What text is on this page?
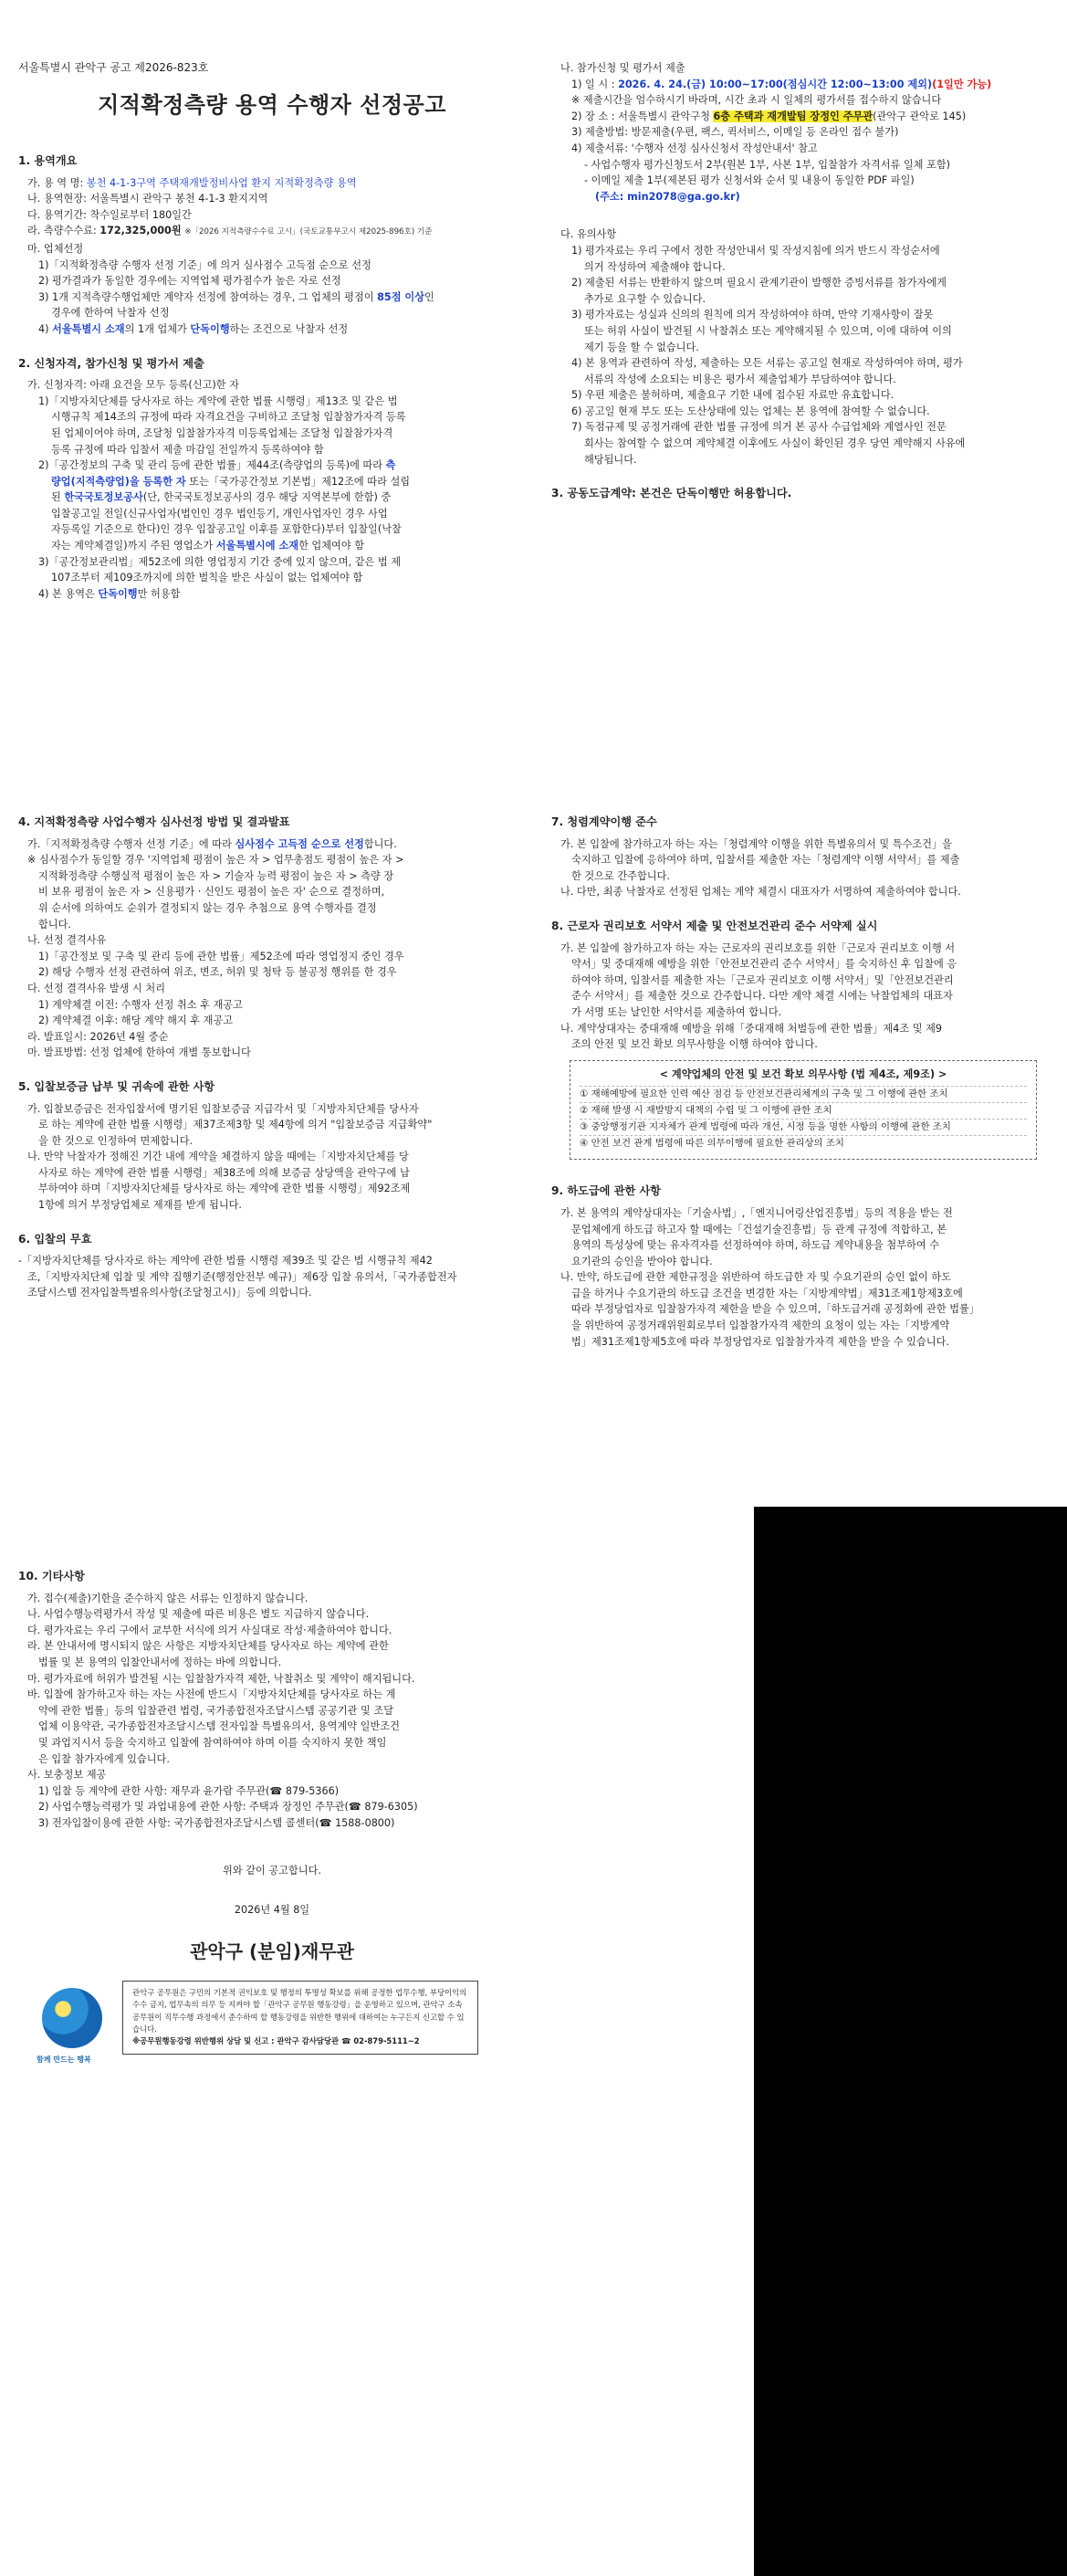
서울특별시 관악구 공고 제2026-823호
지적확정측량 용역 수행자 선정공고
1. 용역개요
가. 용 역 명: 봉천 4-1-3구역 주택재개발정비사업 환지 지적확정측량 용역
나. 용역현장: 서울특별시 관악구 봉천 4-1-3 환지지역
다. 용역기간: 착수일로부터 180일간
라. 측량수수료: 172,325,000원 ※「2026 지적측량수수료 고시」(국토교통부고시 제2025-896호) 기준
마. 업체선정
1)「지적확정측량 수행자 선정 기준」에 의거 심사점수 고득점 순으로 선정
2) 평가결과가 동일한 경우에는 지역업체 평가점수가 높은 자로 선정
3) 1개 지적측량수행업체만 계약자 선정에 참여하는 경우, 그 업체의 평점이 85점 이상인
경우에 한하여 낙찰자 선정
4) 서울특별시 소재의 1개 업체가 단독이행하는 조건으로 낙찰자 선정
2. 신청자격, 참가신청 및 평가서 제출
가. 신청자격: 아래 요건을 모두 등록(신고)한 자
1)「지방자치단체를 당사자로 하는 계약에 관한 법률 시행령」제13조 및 같은 법
시행규칙 제14조의 규정에 따라 자격요건을 구비하고 조달청 입찰참가자격 등록
된 업체이어야 하며, 조달청 입찰참가자격 미등록업체는 조달청 입찰참가자격
등록 규정에 따라 입찰서 제출 마감일 전일까지 등록하여야 함
2)「공간정보의 구축 및 관리 등에 관한 법률」제44조(측량업의 등록)에 따라 측
량업(지적측량업)을 등록한 자 또는「국가공간정보 기본법」제12조에 따라 설립
된 한국국토정보공사(단, 한국국토정보공사의 경우 해당 지역본부에 한함) 중
입찰공고일 전일(신규사업자(법인인 경우 법인등기, 개인사업자인 경우 사업
자등록일 기준으로 한다)인 경우 입찰공고일 이후를 포함한다)부터 입찰일(낙찰
자는 계약체결일)까지 주된 영업소가 서울특별시에 소재한 업체여야 함
3)「공간정보관리법」제52조에 의한 영업정지 기간 중에 있지 않으며, 같은 법 제
107조부터 제109조까지에 의한 벌칙을 받은 사실이 없는 업체여야 함
4) 본 용역은 단독이행만 허용함
나. 참가신청 및 평가서 제출
1) 일 시 : 2026. 4. 24.(금) 10:00~17:00(점심시간 12:00~13:00 제외)(1일만 가능)
※ 제출시간을 엄수하시기 바라며, 시간 초과 시 일체의 평가서를 접수하지 않습니다
2) 장 소 : 서울특별시 관악구청 6층 주택과 재개발팀 장정인 주무관(관악구 관악로 145)
3) 제출방법: 방문제출(우편, 팩스, 퀵서비스, 이메일 등 온라인 접수 불가)
4) 제출서류: '수행자 선정 심사신청서 작성안내서' 참고
- 사업수행자 평가신청도서 2부(원본 1부, 사본 1부, 입찰참가 자격서류 일체 포함)
- 이메일 제출 1부(제본된 평가 신청서와 순서 및 내용이 동일한 PDF 파일)
(주소: min2078@ga.go.kr)
다. 유의사항
1) 평가자료는 우리 구에서 정한 작성안내서 및 작성지침에 의거 반드시 작성순서에
의거 작성하여 제출해야 합니다.
2) 제출된 서류는 반환하지 않으며 필요시 관계기관이 발행한 증빙서류를 참가자에게
추가로 요구할 수 있습니다.
3) 평가자료는 성실과 신의의 원칙에 의거 작성하여야 하며, 만약 기재사항이 잘못
또는 허위 사실이 발견될 시 낙찰취소 또는 계약해지될 수 있으며, 이에 대하여 이의
제기 등을 할 수 없습니다.
4) 본 용역과 관련하여 작성, 제출하는 모든 서류는 공고일 현재로 작성하여야 하며, 평가
서류의 작성에 소요되는 비용은 평가서 제출업체가 부담하여야 합니다.
5) 우편 제출은 불허하며, 제출요구 기한 내에 접수된 자료만 유효합니다.
6) 공고일 현재 부도 또는 도산상태에 있는 업체는 본 용역에 참여할 수 없습니다.
7) 독점규제 및 공정거래에 관한 법률 규정에 의거 본 공사 수급업체와 계열사인 전문
회사는 참여할 수 없으며 계약체결 이후에도 사실이 확인된 경우 당연 계약해지 사유에
해당됩니다.
3. 공동도급계약: 본건은 단독이행만 허용합니다.
4. 지적확정측량 사업수행자 심사선정 방법 및 결과발표
가.「지적확정측량 수행자 선정 기준」에 따라 심사점수 고득점 순으로 선정합니다.
※ 심사점수가 동일할 경우 '지역업체 평점이 높은 자 > 업무총점도 평점이 높은 자 >
지적확정측량 수행실적 평점이 높은 자 > 기술자 능력 평점이 높은 자 > 측량 장
비 보유 평점이 높은 자 > 신용평가 · 신인도 평점이 높은 자' 순으로 결정하며,
위 순서에 의하여도 순위가 결정되지 않는 경우 추첨으로 용역 수행자를 결정
합니다.
나. 선정 결격사유
1)「공간정보 및 구축 및 관리 등에 관한 법률」제52조에 따라 영업정지 중인 경우
2) 해당 수행자 선정 관련하여 위조, 변조, 허위 및 청탁 등 불공정 행위를 한 경우
다. 선정 결격사유 발생 시 처리
1) 계약체결 이전: 수행자 선정 취소 후 재공고
2) 계약체결 이후: 해당 계약 해지 후 재공고
라. 발표일시: 2026년 4월 중순
마. 발표방법: 선정 업체에 한하여 개별 통보합니다
5. 입찰보증금 납부 및 귀속에 관한 사항
가. 입찰보증금은 전자입찰서에 명기된 입찰보증금 지급각서 및「지방자치단체를 당사자
로 하는 계약에 관한 법률 시행령」제37조제3항 및 제4항에 의거 "입찰보증금 지급확약"
을 한 것으로 인정하여 면제합니다.
나. 만약 낙찰자가 정해진 기간 내에 계약을 체결하지 않을 때에는「지방자치단체를 당
사자로 하는 계약에 관한 법률 시행령」제38조에 의해 보증금 상당액을 관악구에 납
부하여야 하며「지방자치단체를 당사자로 하는 계약에 관한 법률 시행령」제92조제
1항에 의거 부정당업체로 제재를 받게 됩니다.
6. 입찰의 무효
-「지방자치단체를 당사자로 하는 계약에 관한 법률 시행령 제39조 및 같은 법 시행규칙 제42
조,「지방자치단체 입찰 및 계약 집행기준(행정안전부 예규)」제6장 입찰 유의서,「국가종합전자
조달시스템 전자입찰특별유의사항(조달청고시)」등에 의합니다.
7. 청렴계약이행 준수
가. 본 입찰에 참가하고자 하는 자는「청렴계약 이행을 위한 특별유의서 및 특수조건」을
숙지하고 입찰에 응하여야 하며, 입찰서를 제출한 자는「청렴계약 이행 서약서」를 제출
한 것으로 간주합니다.
나. 다만, 최종 낙찰자로 선정된 업체는 계약 체결시 대표자가 서명하여 제출하여야 합니다.
8. 근로자 권리보호 서약서 제출 및 안전보건관리 준수 서약제 실시
가. 본 입찰에 참가하고자 하는 자는 근로자의 권리보호를 위한「근로자 권리보호 이행 서
약서」및 중대재해 예방을 위한「안전보건관리 준수 서약서」를 숙지하신 후 입찰에 응
하여야 하며, 입찰서를 제출한 자는「근로자 권리보호 이행 서약서」및「안전보건관리
준수 서약서」를 제출한 것으로 간주합니다. 다만 계약 체결 시에는 낙찰업체의 대표자
가 서명 또는 날인한 서약서를 제출하여 합니다.
나. 계약상대자는 중대재해 예방을 위해「중대재해 처벌등에 관한 법률」제4조 및 제9
조의 안전 및 보건 확보 의무사항을 이행 하여야 합니다.
< 계약업체의 안전 및 보건 확보 의무사항 (법 제4조, 제9조) >
① 재해예방에 필요한 인력 예산 점검 등 안전보건관리체계의 구축 및 그 이행에 관한 조치
② 재해 발생 시 재발방지 대책의 수립 및 그 이행에 관한 조치
③ 중앙행정기관 지자체가 관계 법령에 따라 개선, 시정 등을 명한 사항의 이행에 관한 조치
④ 안전 보건 관계 법령에 따른 의무이행에 필요한 관리상의 조치
9. 하도급에 관한 사항
가. 본 용역의 계약상대자는「기술사법」,「엔지니어링산업진흥법」등의 적용을 받는 전
문업체에게 하도급 하고자 할 때에는「건설기술진흥법」등 관계 규정에 적합하고, 본
용역의 특성상에 맞는 유자격자를 선정하여야 하며, 하도급 계약내용을 첨부하여 수
요기관의 승인을 받아야 합니다.
나. 만약, 하도급에 관한 제한규정을 위반하여 하도급한 자 및 수요기관의 승인 없이 하도
급을 하거나 수요기관의 하도급 조건을 변경한 자는「지방계약법」제31조제1항제3호에
따라 부정당업자로 입찰참가자격 제한을 받을 수 있으며,「하도급거래 공정화에 관한 법률」
을 위반하여 공정거래위원회로부터 입찰참가자격 제한의 요청이 있는 자는「지방계약
법」제31조제1항제5호에 따라 부정당업자로 입찰참가자격 제한을 받을 수 있습니다.
10. 기타사항
가. 접수(제출)기한을 준수하지 않은 서류는 인정하지 않습니다.
나. 사업수행능력평가서 작성 및 제출에 따른 비용은 별도 지급하지 않습니다.
다. 평가자료는 우리 구에서 교부한 서식에 의거 사실대로 작성·제출하여야 합니다.
라. 본 안내서에 명시되지 않은 사항은 지방자치단체를 당사자로 하는 계약에 관한
법률 및 본 용역의 입찰안내서에 정하는 바에 의합니다.
마. 평가자료에 허위가 발견될 시는 입찰참가자격 제한, 낙찰취소 및 계약이 해지됩니다.
바. 입찰에 참가하고자 하는 자는 사전에 반드시「지방자치단체를 당사자로 하는 계
약에 관한 법률」등의 입찰관련 법령, 국가종합전자조달시스템 공공기관 및 조달
업체 이용약관, 국가종합전자조달시스템 전자입찰 특별유의서, 용역계약 일반조건
및 과업지시서 등을 숙지하고 입찰에 참여하여야 하며 이를 숙지하지 못한 책임
은 입찰 참가자에게 있습니다.
사. 보충정보 제공
1) 입찰 등 계약에 관한 사항: 재무과 윤가람 주무관(☎ 879-5366)
2) 사업수행능력평가 및 과업내용에 관한 사항: 주택과 장정인 주무관(☎ 879-6305)
3) 전자입찰이용에 관한 사항: 국가종합전자조달시스템 콜센터(☎ 1588-0800)
위와 같이 공고합니다.
2026년 4월 8일
관악구 (분임)재무관
함께 만드는 행복
관악구 공무원은 구민의 기본적 권익보호 및 행정의 투명성 확보를 위해 공정한 업무수행, 부당이익의 수수 금지, 업무속의 의무 등 지켜야 할「관악구 공무원 행동강령」을 운영하고 있으며, 관악구 소속 공무원이 직무수행 과정에서 준수하여 할 행동강령을 위반한 행위에 대하여는 누구든지 신고할 수 있습니다.
※공무원행동강령 위반행위 상담 및 신고 : 관악구 감사담당관 ☎ 02-879-5111~2
